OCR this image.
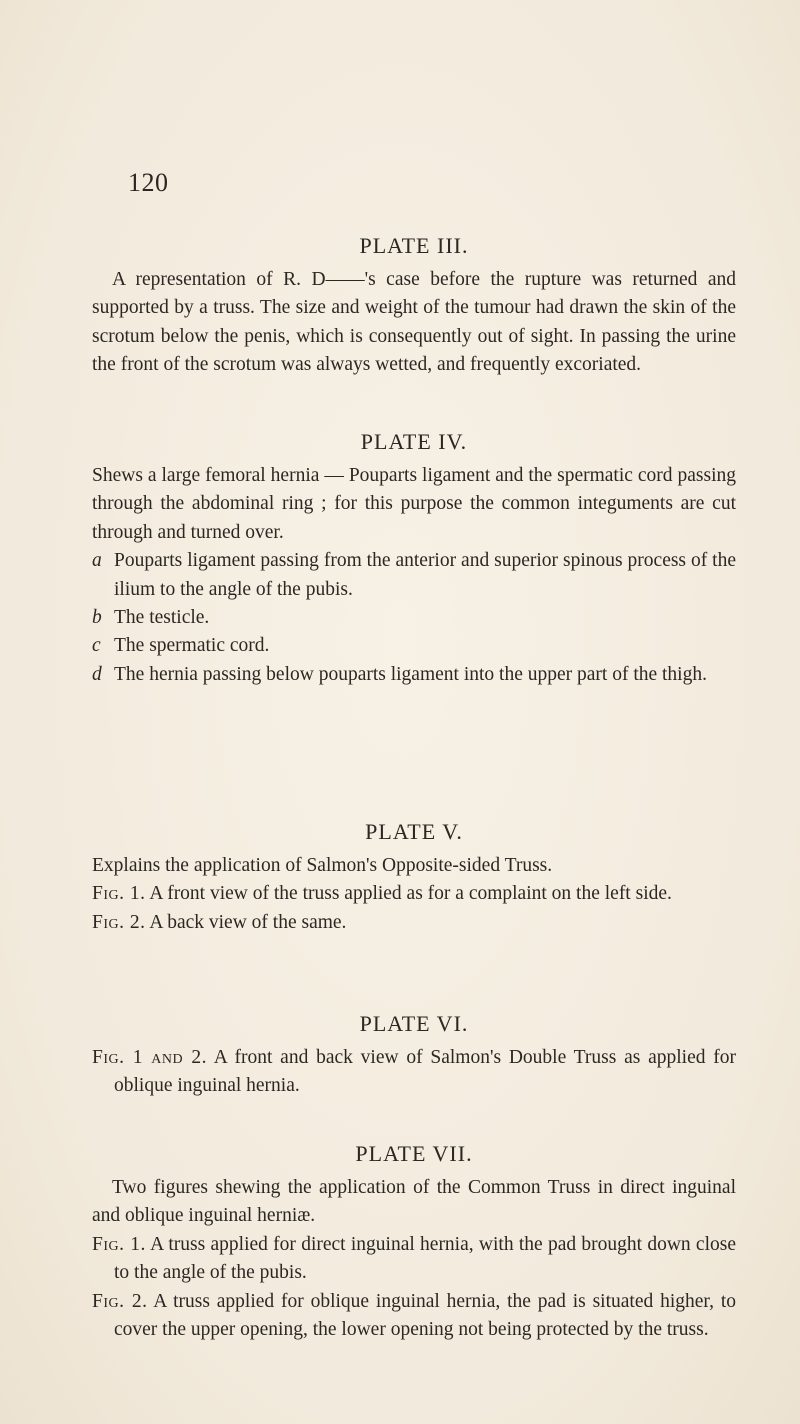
120
PLATE III.

A representation of R. D——'s case before the rupture was returned and supported by a truss. The size and weight of the tumour had drawn the skin of the scrotum below the penis, which is consequently out of sight. In passing the urine the front of the scrotum was always wetted, and frequently excoriated.

PLATE IV.

Shews a large femoral hernia — Pouparts ligament and the spermatic cord passing through the abdominal ring ; for this purpose the common integuments are cut through and turned over.

a Pouparts ligament passing from the anterior and superior spinous process of the ilium to the angle of the pubis.

b The testicle.

c The spermatic cord.

d The hernia passing below pouparts ligament into the upper part of the thigh.

PLATE V.

Explains the application of Salmon's Opposite-sided Truss.

Fig. 1. A front view of the truss applied as for a complaint on the left side.

Fig. 2. A back view of the same.

PLATE VI.

Fig. 1 and 2. A front and back view of Salmon's Double Truss as applied for oblique inguinal hernia.

PLATE VII.

Two figures shewing the application of the Common Truss in direct inguinal and oblique inguinal herniæ.

Fig. 1. A truss applied for direct inguinal hernia, with the pad brought down close to the angle of the pubis.

Fig. 2. A truss applied for oblique inguinal hernia, the pad is situated higher, to cover the upper opening, the lower opening not being protected by the truss.
